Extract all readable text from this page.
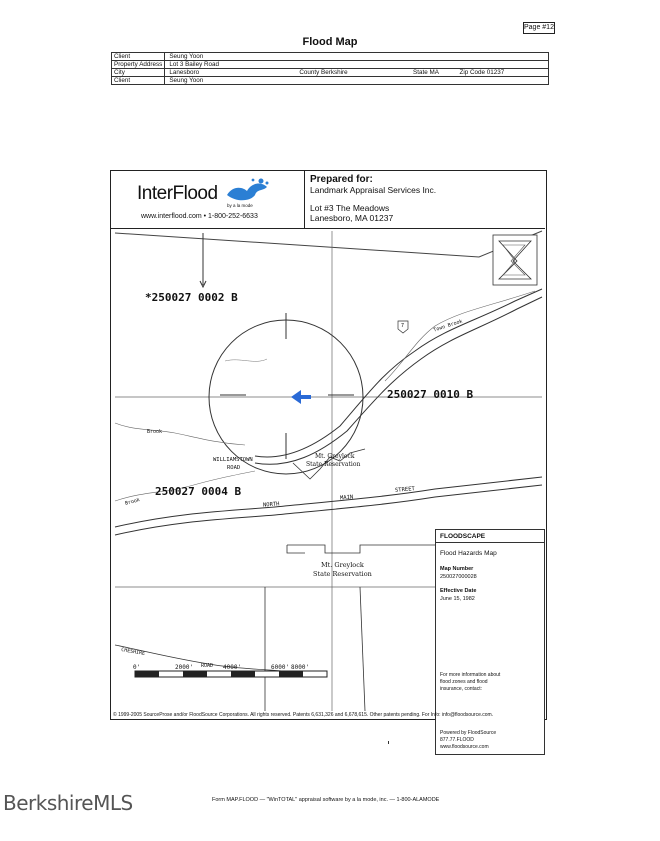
Page #12
Flood Map
Client	Seung Yoon
Property Address	Lot 3 Bailey Road
City	Lanesboro County Berkshire State MA Zip Code 01237
Client	Seung Yoon
InterFlood
by a la mode
www.interflood.com • 1-800-252-6633
Prepared for:
Landmark Appraisal Services Inc.
Lot #3 The Meadows
Lanesboro, MA 01237
*250027 0002 B
250027 0010 B
250027 0004 B
Brook
Town Brook
Brook
WILLIAMSTOWN
ROAD
Mt. Greylock
State Reservation
Mt. Greylock
State Reservation
NORTH
MAIN
STREET
CHESHIRE
ROAD
7
0'	2000'	4000'	6000' 8000'
FLOODSCAPE
Flood Hazards Map
Map Number
250027000028
Effective Date
June 15, 1982
For more information about
flood zones and flood
insurance, contact:
Powered by FloodSource
877.77.FLOOD
www.floodsource.com
© 1999-2005 SourceProse and/or FloodSource Corporations. All rights reserved. Patents 6,631,326 and 6,678,615. Other patents pending. For Info: info@floodsource.com.
BerkshireMLS	Form MAP.FLOOD — "WinTOTAL" appraisal software by a la mode, inc. — 1-800-ALAMODE
